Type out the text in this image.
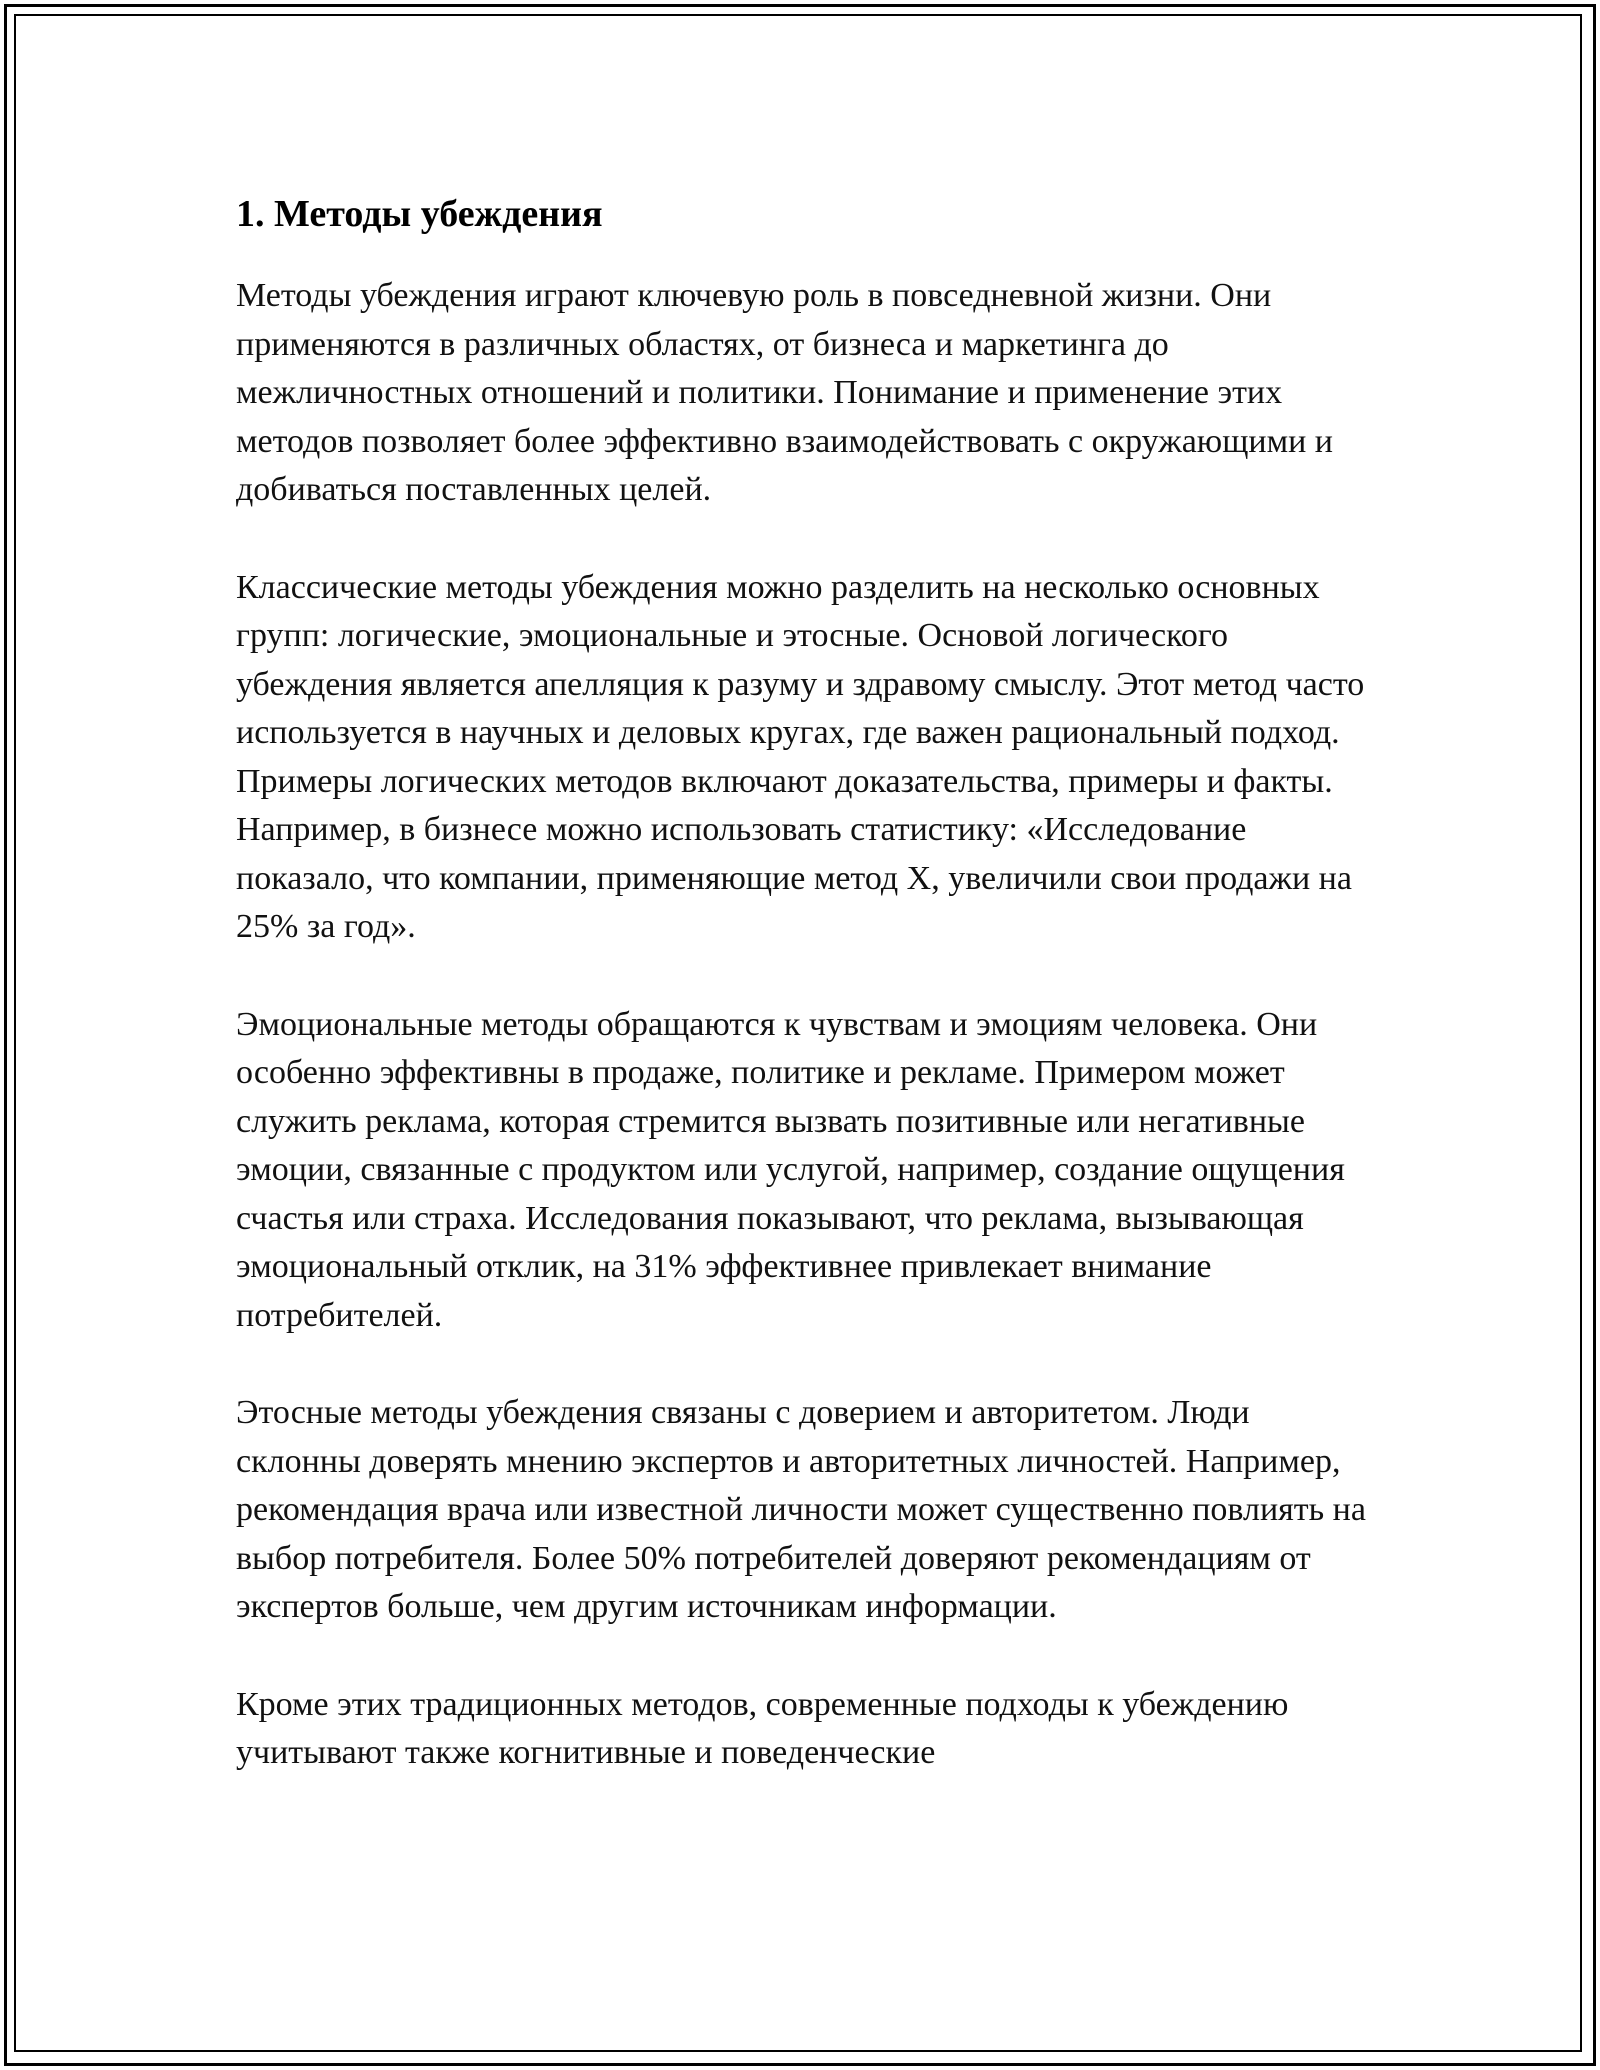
1. Методы убеждения

Методы убеждения играют ключевую роль в повседневной жизни. Они применяются в различных областях, от бизнеса и маркетинга до межличностных отношений и политики. Понимание и применение этих методов позволяет более эффективно взаимодействовать с окружающими и добиваться поставленных целей.

Классические методы убеждения можно разделить на несколько основных групп: логические, эмоциональные и этосные. Основой логического убеждения является апелляция к разуму и здравому смыслу. Этот метод часто используется в научных и деловых кругах, где важен рациональный подход. Примеры логических методов включают доказательства, примеры и факты. Например, в бизнесе можно использовать статистику: «Исследование показало, что компании, применяющие метод X, увеличили свои продажи на 25% за год».

Эмоциональные методы обращаются к чувствам и эмоциям человека. Они особенно эффективны в продаже, политике и рекламе. Примером может служить реклама, которая стремится вызвать позитивные или негативные эмоции, связанные с продуктом или услугой, например, создание ощущения счастья или страха. Исследования показывают, что реклама, вызывающая эмоциональный отклик, на 31% эффективнее привлекает внимание потребителей.

Этосные методы убеждения связаны с доверием и авторитетом. Люди склонны доверять мнению экспертов и авторитетных личностей. Например, рекомендация врача или известной личности может существенно повлиять на выбор потребителя. Более 50% потребителей доверяют рекомендациям от экспертов больше, чем другим источникам информации.

Кроме этих традиционных методов, современные подходы к убеждению учитывают также когнитивные и поведенческие
